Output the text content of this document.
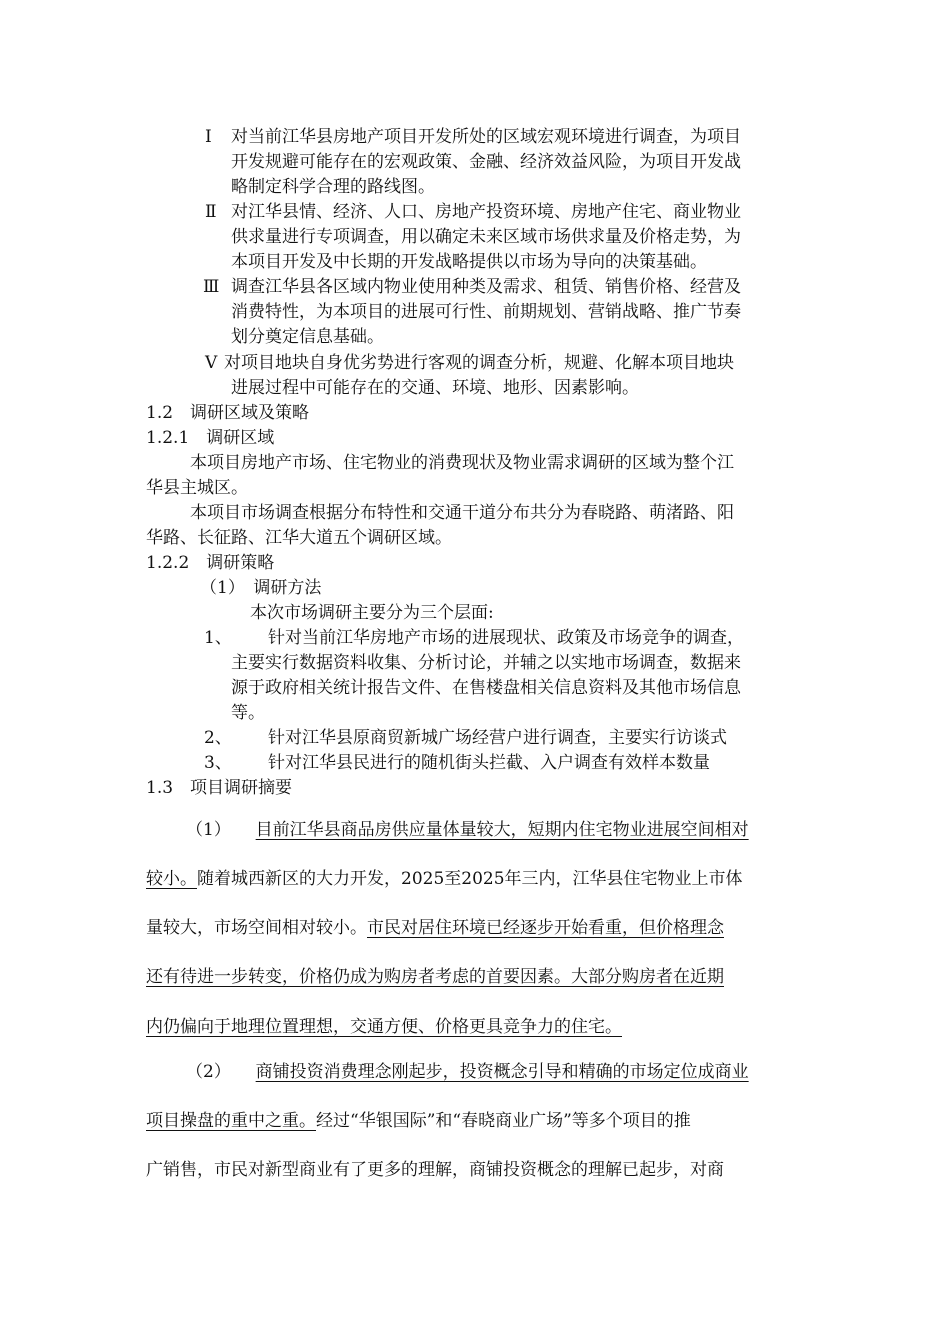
Ⅰ 对当前江华县房地产项目开发所处的区域宏观环境进行调查，为项目
开发规避可能存在的宏观政策、金融、经济效益风险，为项目开发战
略制定科学合理的路线图。
Ⅱ 对江华县情、经济、人口、房地产投资环境、房地产住宅、商业物业
供求量进行专项调查，用以确定未来区域市场供求量及价格走势，为
本项目开发及中长期的开发战略提供以市场为导向的决策基础。
Ⅲ 调查江华县各区域内物业使用种类及需求、租赁、销售价格、经营及
消费特性，为本项目的进展可行性、前期规划、营销战略、推广节奏
划分奠定信息基础。
Ⅴ 对项目地块自身优劣势进行客观的调查分析，规避、化解本项目地块
进展过程中可能存在的交通、环境、地形、因素影响。
1.2　调研区域及策略
1.2.1　调研区域
本项目房地产市场、住宅物业的消费现状及物业需求调研的区域为整个江
华县主城区。
本项目市场调查根据分布特性和交通干道分布共分为春晓路、萌渚路、阳
华路、长征路、江华大道五个调研区域。
1.2.2　调研策略
（1）　调研方法
本次市场调研主要分为三个层面:
1、 针对当前江华房地产市场的进展现状、政策及市场竞争的调查，
主要实行数据资料收集、分析讨论，并辅之以实地市场调查，数据来
源于政府相关统计报告文件、在售楼盘相关信息资料及其他市场信息
等。
2、 针对江华县原商贸新城广场经营户进行调查，主要实行访谈式
3、 针对江华县民进行的随机街头拦截、入户调查有效样本数量
1.3　项目调研摘要
（1） 目前江华县商品房供应量体量较大，短期内住宅物业进展空间相对
较小。随着城西新区的大力开发，2025至2025年三内，江华县住宅物业上市体
量较大，市场空间相对较小。市民对居住环境已经逐步开始看重，但价格理念
还有待进一步转变，价格仍成为购房者考虑的首要因素。大部分购房者在近期
内仍偏向于地理位置理想，交通方便、价格更具竞争力的住宅。
（2） 商铺投资消费理念刚起步，投资概念引导和精确的市场定位成商业
项目操盘的重中之重。经过“华银国际”和“春晓商业广场”等多个项目的推
广销售，市民对新型商业有了更多的理解，商铺投资概念的理解已起步，对商
